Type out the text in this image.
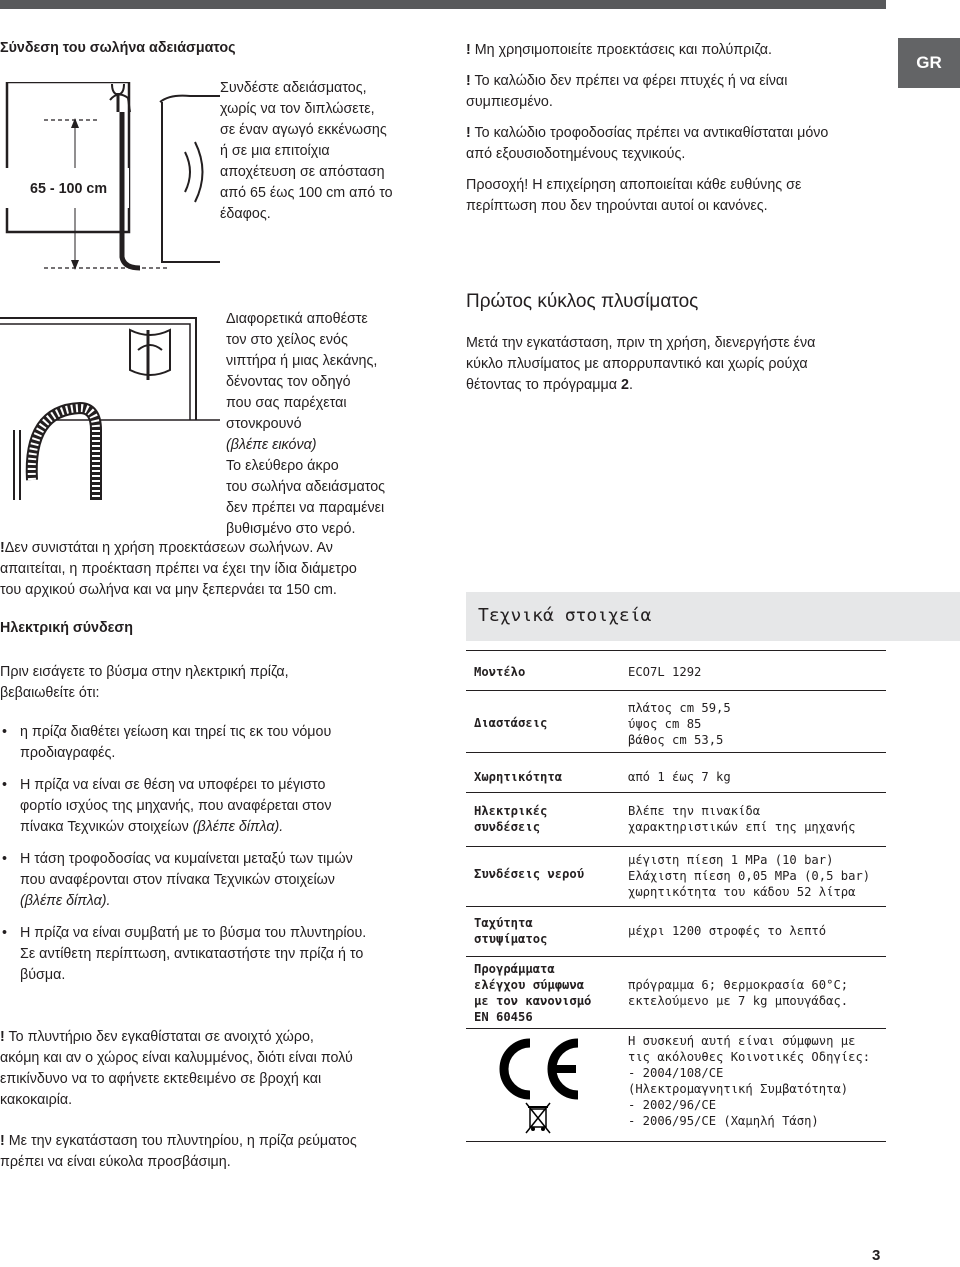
GR
Σύνδεση του σωλήνα αδειάσματος
65 - 100 cm

Συνδέστε αδειάσματος,

χωρίς να τον διπλώσετε,

σε έναν αγωγό εκκένωσης

ή σε μια επιτοίχια

αποχέτευση σε απόσταση

από 65 έως 100 cm από το

έδαφος.

Διαφορετικά αποθέστε

τον στο χείλος ενός

νιπτήρα ή μιας λεκάνης,

δένοντας τον οδηγό

που σας παρέχεται

στονκρουνό

(βλέπε εικόνα)

Το ελεύθερο άκρο

του σωλήνα αδειάσματος

δεν πρέπει να παραμένει

βυθισμένο στο νερό.

!Δεν συνιστάται η χρήση προεκτάσεων σωλήνων. Αν

απαιτείται, η προέκταση πρέπει να έχει την ίδια διάμετρο

του αρχικού σωλήνα και να μην ξεπερνάει τα 150 cm.

Ηλεκτρική σύνδεση

Πριν εισάγετε το βύσμα στην ηλεκτρική πρίζα,

βεβαιωθείτε ότι:

• η πρίζα διαθέτει γείωση και τηρεί τις εκ του νόμου
προδιαγραφές.
• Η πρίζα να είναι σε θέση να υποφέρει το μέγιστο
φορτίο ισχύος της μηχανής, που αναφέρεται στον
πίνακα Τεχνικών στοιχείων (βλέπε δίπλα).
• Η τάση τροφοδοσίας να κυμαίνεται μεταξύ των τιμών
που αναφέρονται στον πίνακα Τεχνικών στοιχείων
(βλέπε δίπλα).
• Η πρίζα να είναι συμβατή με το βύσμα του πλυντηρίου.
Σε αντίθετη περίπτωση, αντικαταστήστε την πρίζα ή το
βύσμα.

! Το πλυντήριο δεν εγκαθίσταται σε ανοιχτό χώρο,

ακόμη και αν ο χώρος είναι καλυμμένος, διότι είναι πολύ

επικίνδυνο να το αφήνετε εκτεθειμένο σε βροχή και

κακοκαιρία.

! Με την εγκατάσταση του πλυντηρίου, η πρίζα ρεύματος

πρέπει να είναι εύκολα προσβάσιμη.

! Μη χρησιμοποιείτε προεκτάσεις και πολύπριζα.

! Το καλώδιο δεν πρέπει να φέρει πτυχές ή να είναι

συμπιεσμένο.

! Το καλώδιο τροφοδοσίας πρέπει να αντικαθίσταται μόνο

από εξουσιοδοτημένους τεχνικούς.

Προσοχή! Η επιχείρηση αποποιείται κάθε ευθύνης σε

περίπτωση που δεν τηρούνται αυτοί οι κανόνες.

Πρώτος κύκλος πλυσίματος

Μετά την εγκατάσταση, πριν τη χρήση, διενεργήστε ένα

κύκλο πλυσίματος με απορρυπαντικό και χωρίς ρούχα

θέτοντας το πρόγραμμα 2.

Τεχνικά στοιχεία
Μοντέλο	ECO7L 1292
Διαστάσεις
πλάτος cm 59,5
ύψος cm 85
βάθος cm 53,5
Χωρητικότητα	από 1 έως 7 kg
Ηλεκτρικές
συνδέσεις
Βλέπε την πινακίδα
χαρακτηριστικών επί της μηχανής
Συνδέσεις νερού
μέγιστη πίεση 1 MPa (10 bar)
Ελάχιστη πίεση 0,05 MPa (0,5 bar)
χωρητικότητα του κάδου 52 λίτρα
Ταχύτητα
στυψίματος
μέχρι 1200 στροφές το λεπτό
Προγράμματα
ελέγχου σύμφωνα
με τον κανονισμό
EN 60456
πρόγραμμα 6; θερμοκρασία 60°C;
εκτελούμενο με 7 kg μπουγάδας.
Η συσκευή αυτή είναι σύμφωνη με
τις ακόλουθες Κοινοτικές Οδηγίες:
- 2004/108/CE
(Ηλεκτρομαγνητική Συμβατότητα)
- 2002/96/CE
- 2006/95/CE (Χαμηλή Τάση)
3
